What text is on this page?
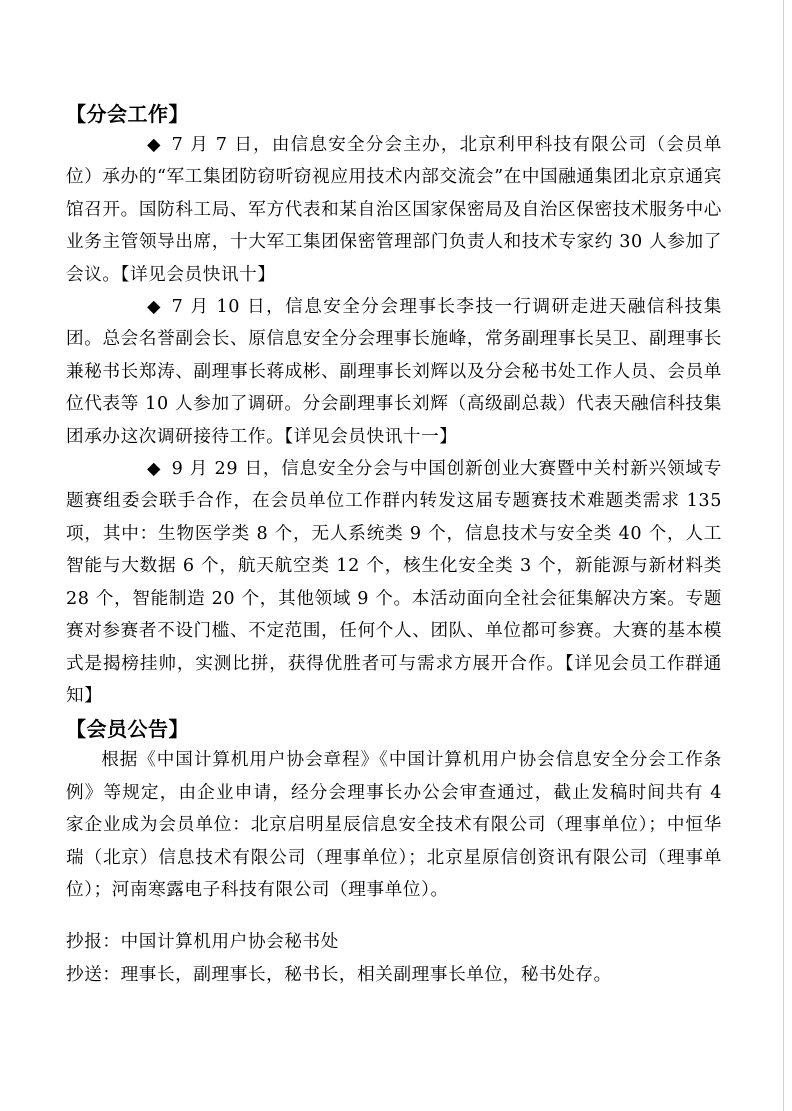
【分会工作】

◆ 7 月 7 日，由信息安全分会主办，北京利甲科技有限公司（会员单位）承办的“军工集团防窃听窃视应用技术内部交流会”在中国融通集团北京京通宾馆召开。国防科工局、军方代表和某自治区国家保密局及自治区保密技术服务中心业务主管领导出席，十大军工集团保密管理部门负责人和技术专家约 30 人参加了会议。【详见会员快讯十】

◆ 7 月 10 日，信息安全分会理事长李技一行调研走进天融信科技集团。总会名誉副会长、原信息安全分会理事长施峰，常务副理事长吴卫、副理事长兼秘书长郑涛、副理事长蒋成彬、副理事长刘辉以及分会秘书处工作人员、会员单位代表等 10 人参加了调研。分会副理事长刘辉（高级副总裁）代表天融信科技集团承办这次调研接待工作。【详见会员快讯十一】

◆ 9 月 29 日，信息安全分会与中国创新创业大赛暨中关村新兴领域专题赛组委会联手合作，在会员单位工作群内转发这届专题赛技术难题类需求 135 项，其中：生物医学类 8 个，无人系统类 9 个，信息技术与安全类 40 个，人工智能与大数据 6 个，航天航空类 12 个，核生化安全类 3 个，新能源与新材料类 28 个，智能制造 20 个，其他领域 9 个。本活动面向全社会征集解决方案。专题赛对参赛者不设门槛、不定范围，任何个人、团队、单位都可参赛。大赛的基本模式是揭榜挂帅，实测比拼，获得优胜者可与需求方展开合作。【详见会员工作群通知】

【会员公告】

根据《中国计算机用户协会章程》《中国计算机用户协会信息安全分会工作条例》等规定，由企业申请，经分会理事长办公会审查通过，截止发稿时间共有 4 家企业成为会员单位：北京启明星辰信息安全技术有限公司（理事单位）；中恒华瑞（北京）信息技术有限公司（理事单位）；北京星原信创资讯有限公司（理事单位）；河南寒露电子科技有限公司（理事单位）。

抄报：中国计算机用户协会秘书处

抄送：理事长，副理事长，秘书长，相关副理事长单位，秘书处存。
